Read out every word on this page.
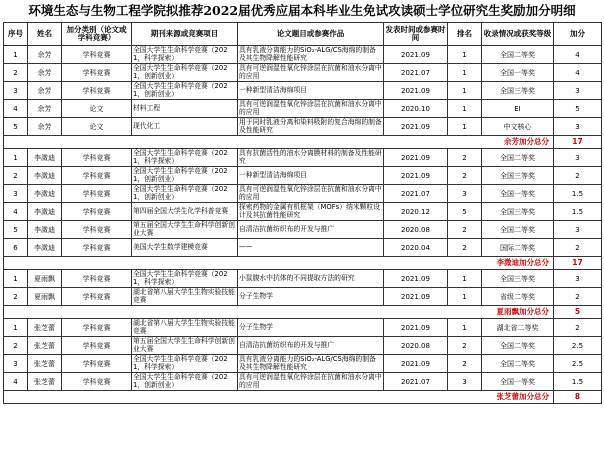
环境生态与生物工程学院拟推荐2022届优秀应届本科毕业生免试攻读硕士学位研究生奖励加分明细
序号	姓名	加分类别（论文或学科竞赛）	期刊来源或竞赛项目	论文题目或参赛作品	发表时间或参赛时间	排名	收录情况或获奖等级	加分
1	余芳	学科竞赛	全国大学生生命科学竞赛（2021，科学探索）	具有乳液分离能力的SiO₂-ALG/CS海绵的制备及其生物降解性能研究	2021.09	1	全国二等奖	4
2	余芳	学科竞赛	全国大学生生命科学竞赛（2021，创新创业）	具有可逆润湿性氧化锌涂层在抗菌和油水分离中的应用	2021.07	1	全国一等奖	4
3	余芳	学科竞赛	全国大学生生命科学竞赛（2021，创新创业）	一种新型清洁海绵项目	2021.09	1	全国三等奖	3
4	余芳	论文	材料工程	具有可逆润湿性氧化锌涂层在抗菌和油水分离中的应用	2020.10	1	EI	5
5	余芳	论文	现代化工	用于同时乳液分离和染料吸附的复合海绵的制备及性能研究	2021.09	1	中文核心	3
余芳加分总分								17
1	李溦迪	学科竞赛	全国大学生生命科学竞赛（2021，科学探索）	具有抗菌活性的油水分离膜材料的制备及性能研究	2021.09	2	全国二等奖	3
2	李溦迪	学科竞赛	全国大学生生命科学竞赛（2021，创新创业）	一种新型清洁海绵项目	2021.09	2	全国三等奖	2
3	李溦迪	学科竞赛	全国大学生生命科学竞赛（2021，创新创业）	具有可逆润湿性氧化锌涂层在抗菌和油水分离中的应用	2021.07	3	全国一等奖	1.5
4	李溦迪	学科竞赛	第四届全国大学生化学科普竞赛	探索药物的金属有机框架（MOFs）纳米颗粒设计及其抗菌性能研究	2020.12	5	全国三等奖	1.5
5	李溦迪	学科竞赛	第五届全国大学生生命科学创新创业大赛	自清洁抗菌纺织布的开发与推广	2020.08	2	全国二等奖	3
6	李溦迪	学科竞赛	美国大学生数学建模竞赛	——	2020.04	2	国际二等奖	2
李溦迪加分总分								17
1	夏雨飘	学科竞赛	全国大学生生命科学竞赛（2021，科学探索）	小鼠腹水中抗体的不同提取方法的研究	2021.09	1	全国三等奖	3
2	夏雨飘	学科竞赛	湖北省第八届大学生生物实验技能竞赛	分子生物学	2021.09	1	省级二等奖	2
夏雨飘加分总分								5
1	张芝蕾	学科竞赛	湖北省第八届大学生生物实验技能竞赛	分子生物学	2021.09	1	湖北省二等奖	2
2	张芝蕾	学科竞赛	第五届全国大学生生命科学创新创业大赛	自清洁抗菌纺织布的开发与推广	2020.08	2	全国二等奖	2.5
3	张芝蕾	学科竞赛	全国大学生生命科学竞赛（2021，科学探索）	具有乳液分离能力的SiO₂-ALG/CS海绵的制备及其生物降解性能研究	2021.09	2	全国二等奖	2.5
4	张芝蕾	学科竞赛	全国大学生生命科学竞赛（2021，创新创业）	具有可逆润湿性氧化锌涂层在抗菌和油水分离中的应用	2021.07	3	全国一等奖	1.5
张芝蕾加分总分								8
